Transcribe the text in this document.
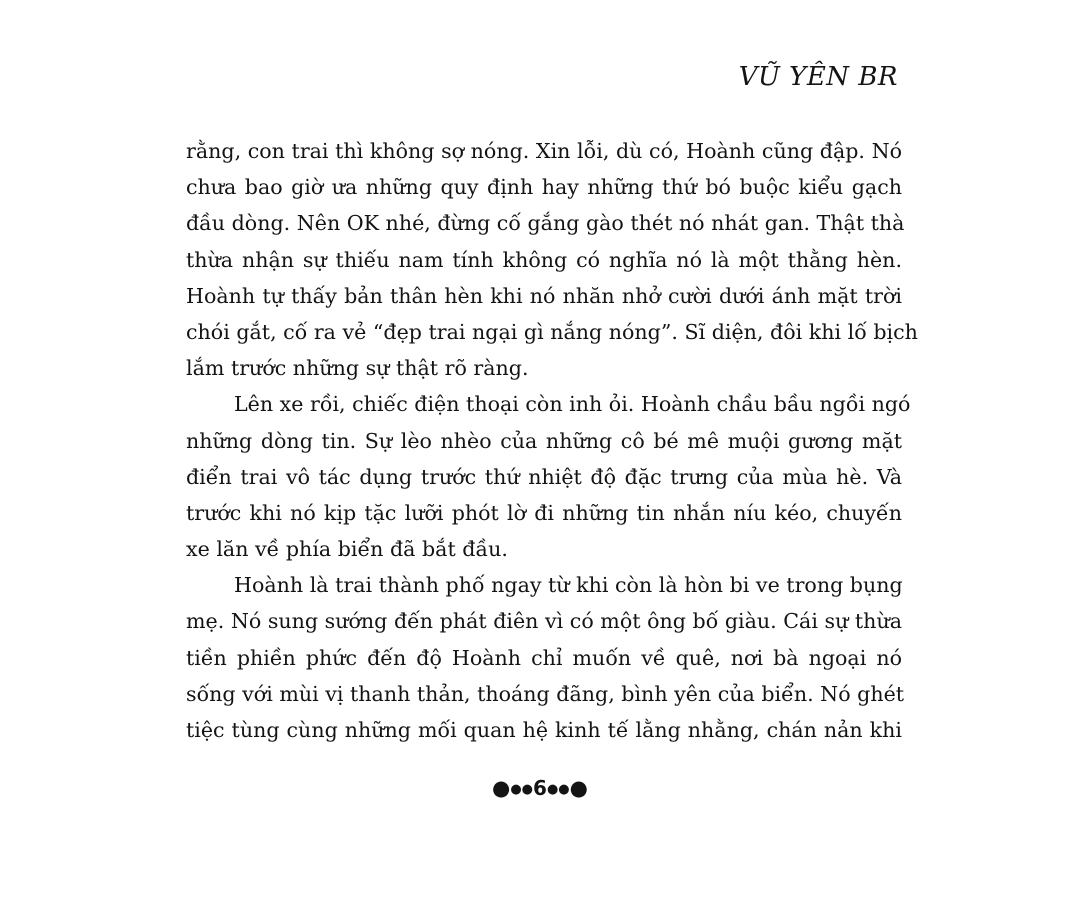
VŨ YÊN BR
rằng, con trai thì không sợ nóng. Xin lỗi, dù có, Hoành cũng đập. Nó
chưa bao giờ ưa những quy định hay những thứ bó buộc kiểu gạch
đầu dòng. Nên OK nhé, đừng cố gắng gào thét nó nhát gan. Thật thà
thừa nhận sự thiếu nam tính không có nghĩa nó là một thằng hèn.
Hoành tự thấy bản thân hèn khi nó nhăn nhở cười dưới ánh mặt trời
chói gắt, cố ra vẻ “đẹp trai ngại gì nắng nóng”. Sĩ diện, đôi khi lố bịch
lắm trước những sự thật rõ ràng.
Lên xe rồi, chiếc điện thoại còn inh ỏi. Hoành chầu bầu ngồi ngó
những dòng tin. Sự lèo nhèo của những cô bé mê muội gương mặt
điển trai vô tác dụng trước thứ nhiệt độ đặc trưng của mùa hè. Và
trước khi nó kịp tặc lưỡi phót lờ đi những tin nhắn níu kéo, chuyến
xe lăn về phía biển đã bắt đầu.
Hoành là trai thành phố ngay từ khi còn là hòn bi ve trong bụng
mẹ. Nó sung sướng đến phát điên vì có một ông bố giàu. Cái sự thừa
tiền phiền phức đến độ Hoành chỉ muốn về quê, nơi bà ngoại nó
sống với mùi vị thanh thản, thoáng đãng, bình yên của biển. Nó ghét
tiệc tùng cùng những mối quan hệ kinh tế lằng nhằng, chán nản khi
●●●6●●●
